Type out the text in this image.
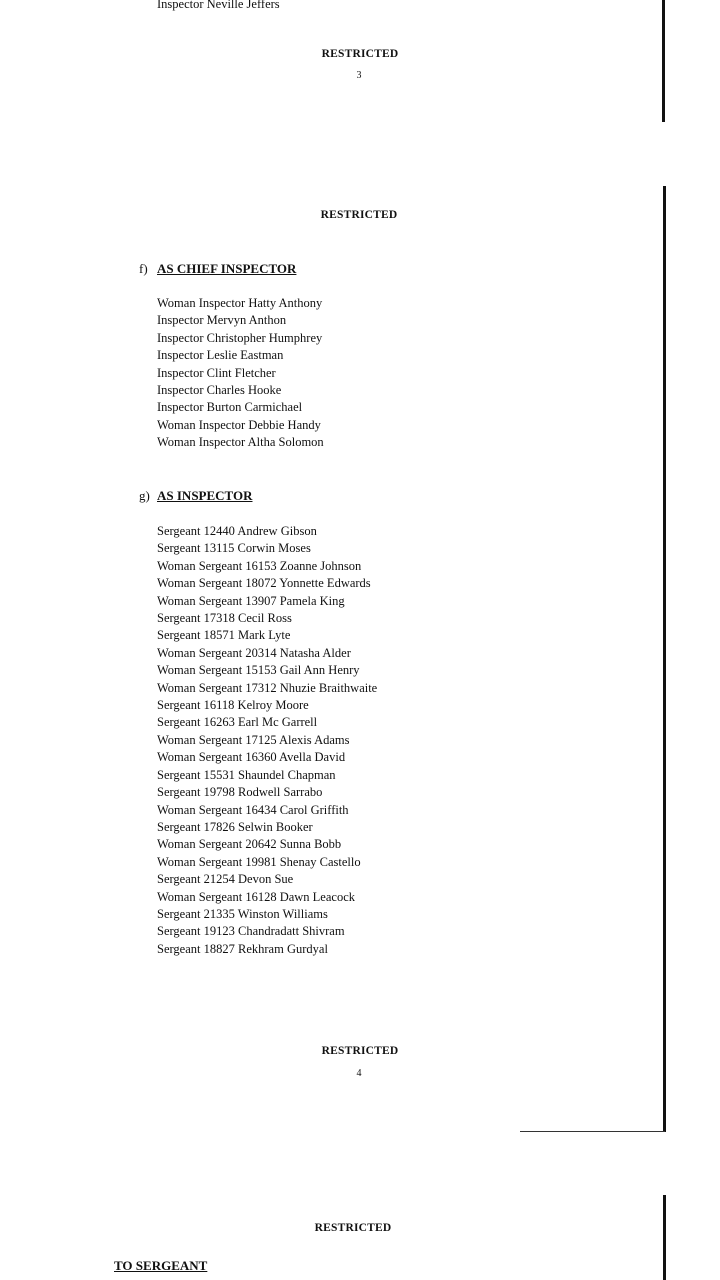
Inspector Neville Jeffers
RESTRICTED
3
RESTRICTED
f) AS CHIEF INSPECTOR
Woman Inspector Hatty Anthony
Inspector Mervyn Anthon
Inspector Christopher Humphrey
Inspector Leslie Eastman
Inspector Clint Fletcher
Inspector Charles Hooke
Inspector Burton Carmichael
Woman Inspector Debbie Handy
Woman Inspector Altha Solomon
g) AS INSPECTOR
Sergeant 12440 Andrew Gibson
Sergeant 13115 Corwin Moses
Woman Sergeant 16153 Zoanne Johnson
Woman Sergeant 18072 Yonnette Edwards
Woman Sergeant 13907 Pamela King
Sergeant 17318 Cecil Ross
Sergeant 18571 Mark Lyte
Woman Sergeant 20314 Natasha Alder
Woman Sergeant 15153 Gail Ann Henry
Woman Sergeant 17312 Nhuzie Braithwaite
Sergeant 16118 Kelroy Moore
Sergeant 16263 Earl Mc Garrell
Woman Sergeant 17125 Alexis Adams
Woman Sergeant 16360 Avella David
Sergeant 15531 Shaundel Chapman
Sergeant 19798 Rodwell Sarrabo
Woman Sergeant 16434 Carol Griffith
Sergeant 17826 Selwin Booker
Woman Sergeant 20642 Sunna Bobb
Woman Sergeant 19981 Shenay Castello
Sergeant 21254 Devon Sue
Woman Sergeant 16128 Dawn Leacock
Sergeant 21335 Winston Williams
Sergeant 19123 Chandradatt Shivram
Sergeant 18827 Rekhram Gurdyal
RESTRICTED
4
RESTRICTED
TO SERGEANT
